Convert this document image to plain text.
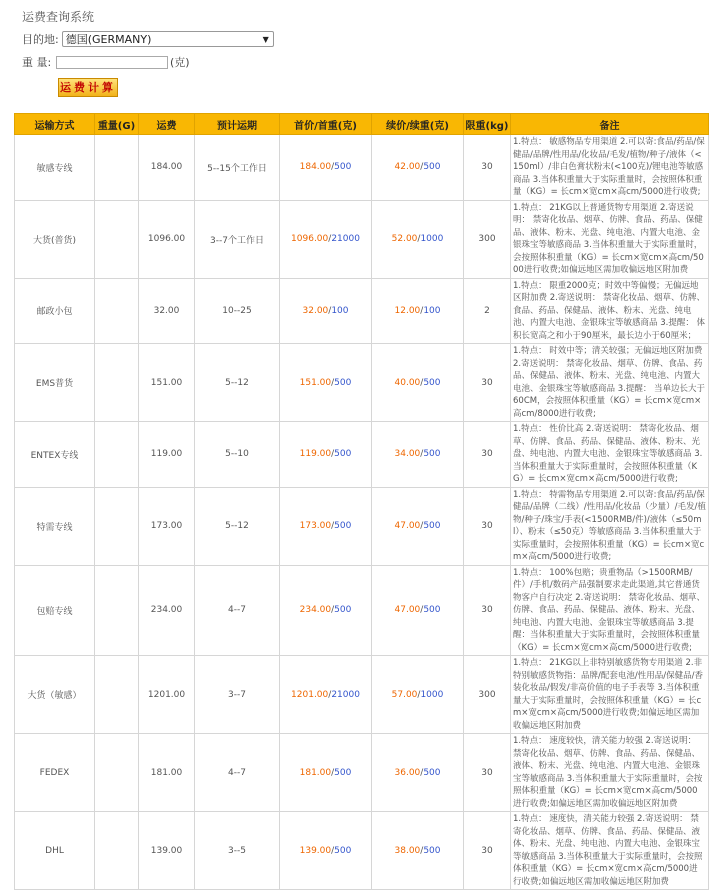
运费查询系统
目的地: 德国(GERMANY)	▼
重 量:	(克)
运费计算
运输方式	重量(G)	运费	预计运期	首价/首重(克)	续价/续重(克)	限重(kg)	备注
敏感专线		184.00	5--15个工作日	184.00/500	42.00/500	30	1.特点： 敏感物品专用渠道 2.可以寄:食品/药品/保健品/品牌/性用品/化妆品/毛发/植物/种子/液体（<150ml）/非白色膏状粉末(<100克)/锂电池等敏感商品 3.当体积重量大于实际重量时，会按照体积重量（KG）= 长cm×宽cm×高cm/5000进行收费;
大货(普货)		1096.00	3--7个工作日	1096.00/21000	52.00/1000	300	1.特点： 21KG以上普通货物专用渠道 2.寄送说明： 禁寄化妆品、烟草、仿牌、食品、药品、保健品、液体、粉末、光盘、纯电池、内置大电池、金银珠宝等敏感商品 3.当体积重量大于实际重量时，会按照体积重量（KG）= 长cm×宽cm×高cm/5000进行收费;如偏远地区需加收偏远地区附加费
邮政小包		32.00	10--25	32.00/100	12.00/100	2	1.特点： 限重2000克；时效中等偏慢；无偏远地区附加费 2.寄送说明： 禁寄化妆品、烟草、仿牌、食品、药品、保健品、液体、粉末、光盘、纯电池、内置大电池、金银珠宝等敏感商品 3.提醒： 体积长宽高之和小于90厘米，最长边小于60厘米；
EMS普货		151.00	5--12	151.00/500	40.00/500	30	1.特点： 时效中等；清关较强；无偏远地区附加费 2.寄送说明： 禁寄化妆品、烟草、仿牌、食品、药品、保健品、液体、粉末、光盘、纯电池、内置大电池、金银珠宝等敏感商品 3.提醒： 当单边长大于60CM，会按照体积重量（KG）= 长cm×宽cm×高cm/8000进行收费;
ENTEX专线		119.00	5--10	119.00/500	34.00/500	30	1.特点： 性价比高 2.寄送说明： 禁寄化妆品、烟草、仿牌、食品、药品、保健品、液体、粉末、光盘、纯电池、内置大电池、金银珠宝等敏感商品 3.当体积重量大于实际重量时，会按照体积重量（KG）= 长cm×宽cm×高cm/5000进行收费;
特需专线		173.00	5--12	173.00/500	47.00/500	30	1.特点： 特需物品专用渠道 2.可以寄:食品/药品/保健品/品牌（二线）/性用品/化妆品（少量）/毛发/植物/种子/珠宝/手表(<1500RMB/件)/液体（≤50ml）、粉末（≤50克）等敏感商品 3.当体积重量大于实际重量时，会按照体积重量（KG）= 长cm×宽cm×高cm/5000进行收费;
包赔专线		234.00	4--7	234.00/500	47.00/500	30	1.特点： 100%包赔；贵重物品（>1500RMB/件）/手机/数码产品强制要求走此渠道,其它普通货物客户自行决定 2.寄送说明： 禁寄化妆品、烟草、仿牌、食品、药品、保健品、液体、粉末、光盘、纯电池、内置大电池、金银珠宝等敏感商品 3.提醒：当体积重量大于实际重量时，会按照体积重量（KG）= 长cm×宽cm×高cm/5000进行收费;
大货（敏感）		1201.00	3--7	1201.00/21000	57.00/1000	300	1.特点： 21KG以上非特别敏感货物专用渠道 2.非特别敏感货物指：品牌/配套电池/性用品/保健品/香装化妆品/假发/非高价值的电子手表等 3.当体积重量大于实际重量时，会按照体积重量（KG）= 长cm×宽cm×高cm/5000进行收费;如偏远地区需加收偏远地区附加费
FEDEX		181.00	4--7	181.00/500	36.00/500	30	1.特点： 速度较快，清关能力较强 2.寄送说明： 禁寄化妆品、烟草、仿牌、食品、药品、保健品、液体、粉末、光盘、纯电池、内置大电池、金银珠宝等敏感商品 3.当体积重量大于实际重量时，会按照体积重量（KG）= 长cm×宽cm×高cm/5000进行收费;如偏远地区需加收偏远地区附加费
DHL		139.00	3--5	139.00/500	38.00/500	30	1.特点： 速度快，清关能力较强 2.寄送说明： 禁寄化妆品、烟草、仿牌、食品、药品、保健品、液体、粉末、光盘、纯电池、内置大电池、金银珠宝等敏感商品 3.当体积重量大于实际重量时，会按照体积重量（KG）= 长cm×宽cm×高cm/5000进行收费;如偏远地区需加收偏远地区附加费
